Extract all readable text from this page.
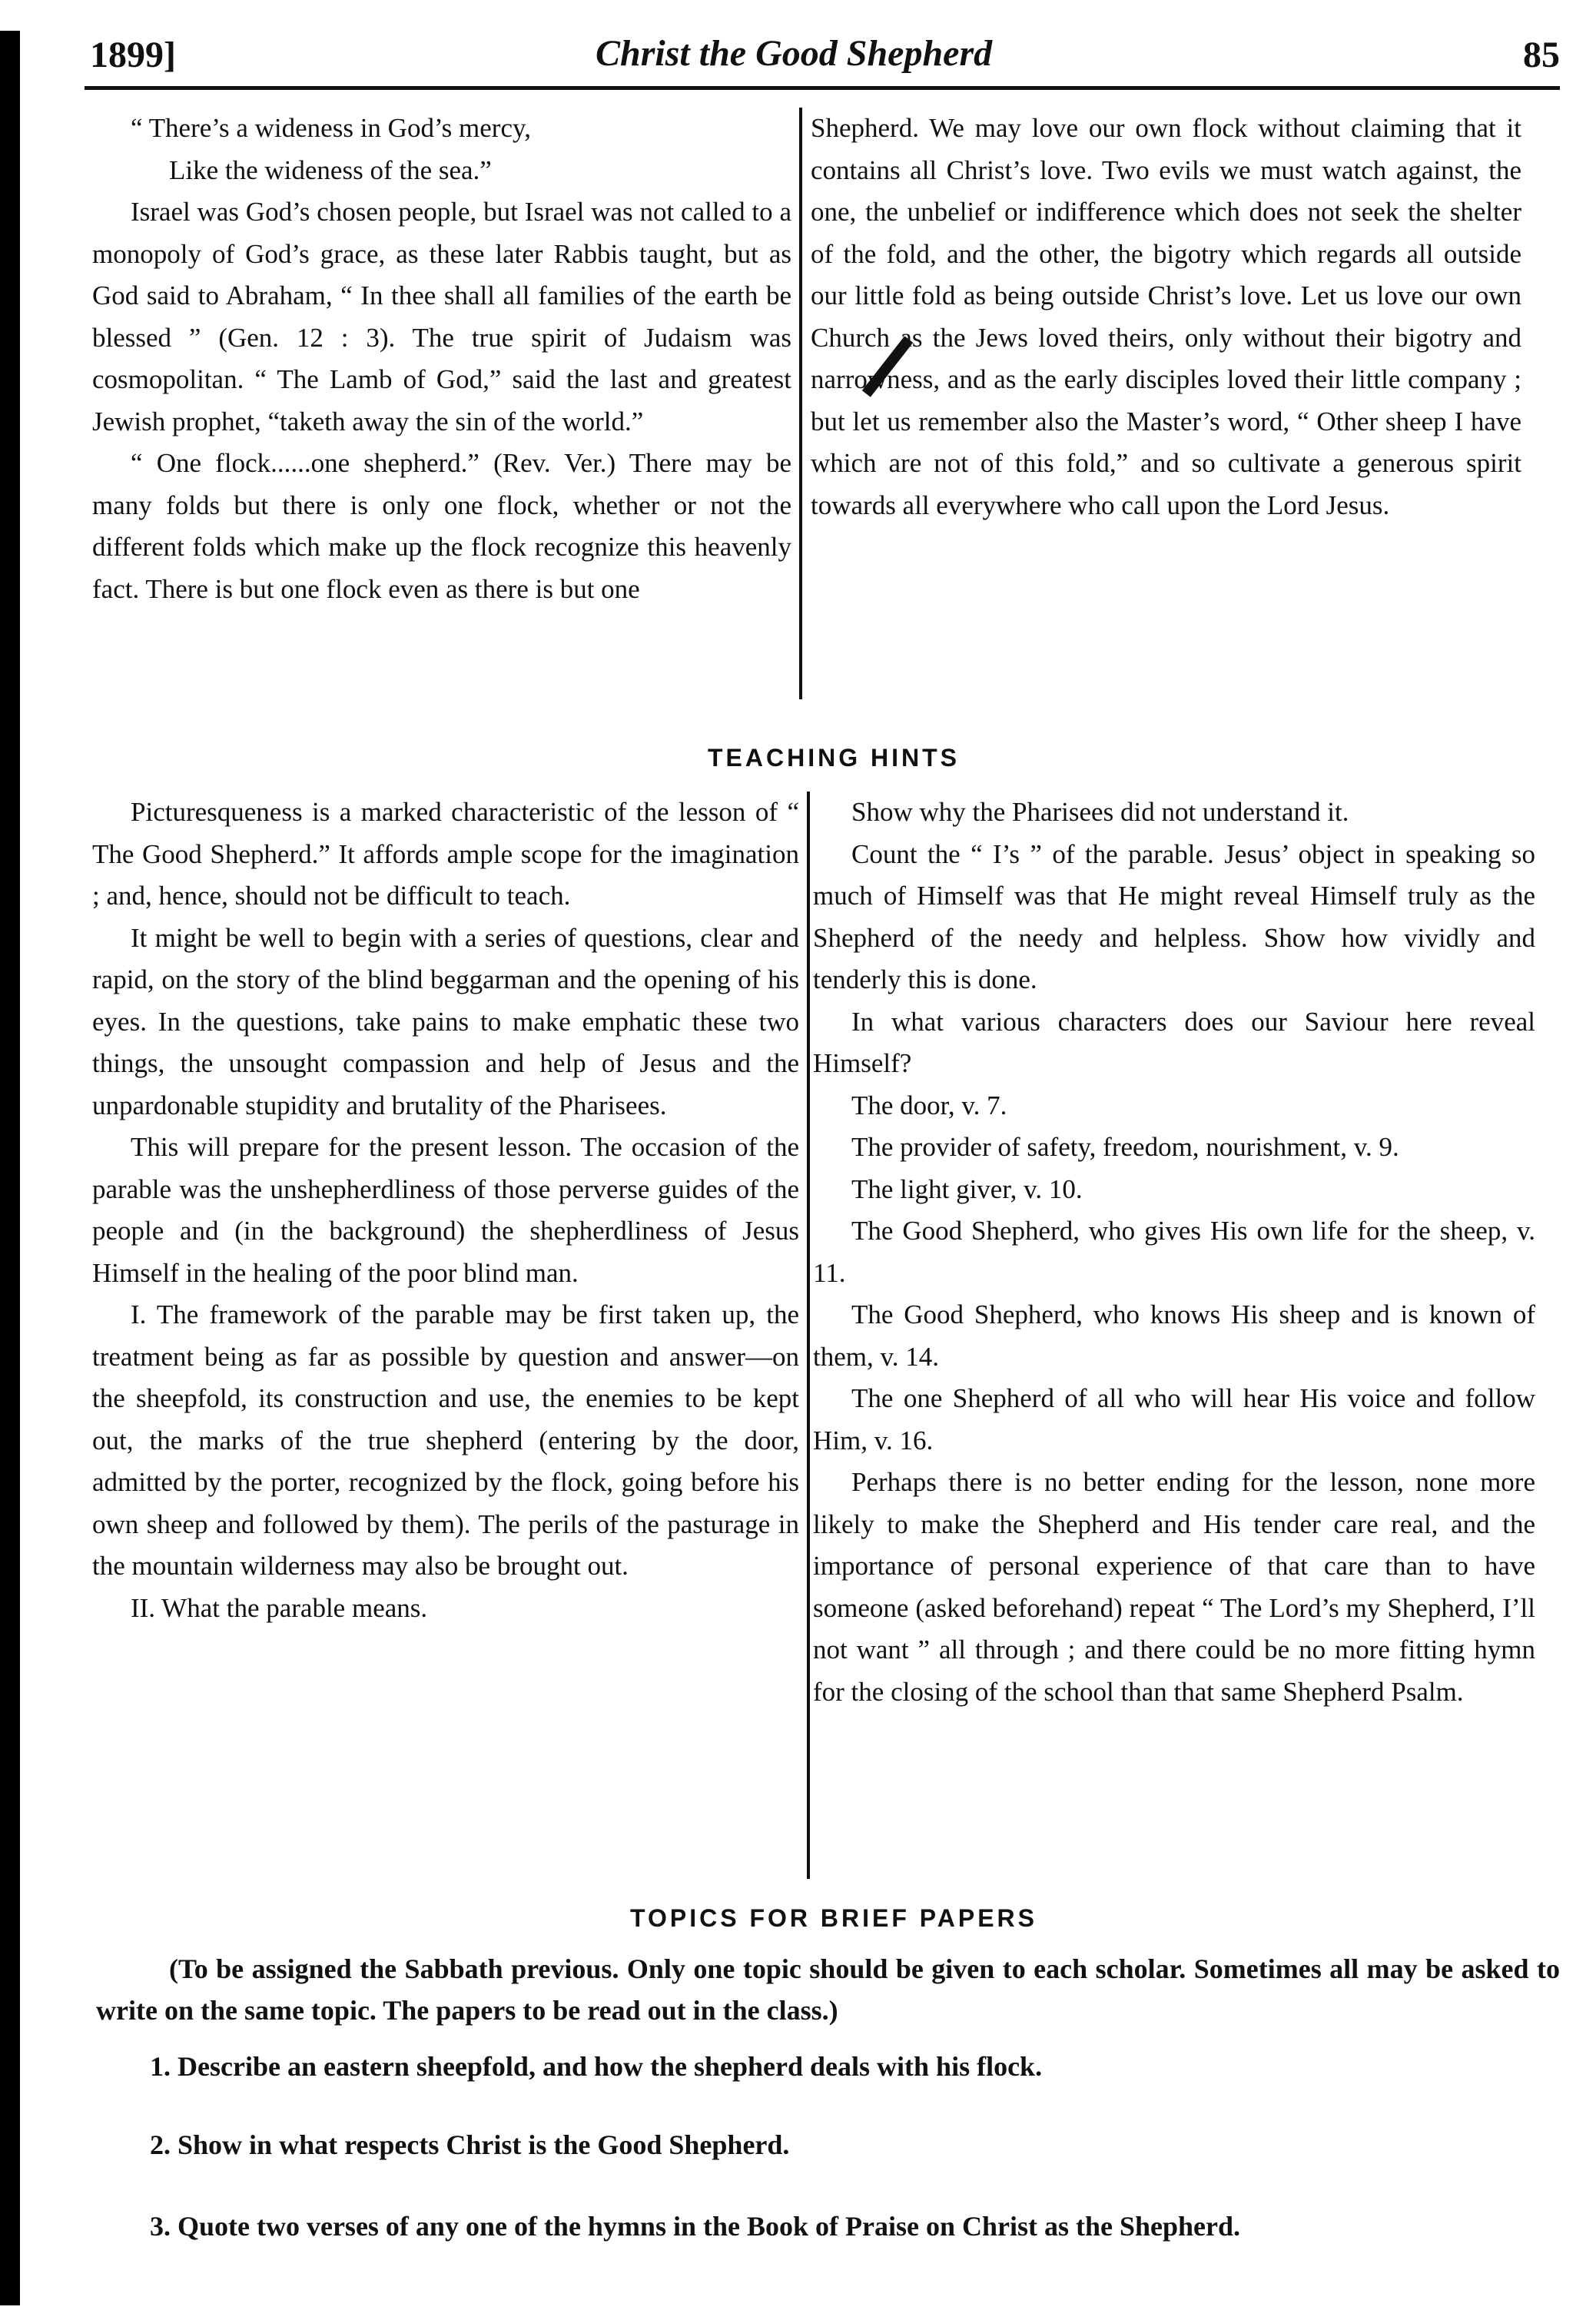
1899]	Christ the Good Shepherd	85

“ There’s a wideness in God’s mercy,

Like the wideness of the sea.”

Israel was God’s chosen people, but Israel was not called to a monopoly of God’s grace, as these later Rabbis taught, but as God said to Abraham, “ In thee shall all families of the earth be blessed ” (Gen. 12 : 3). The true spirit of Judaism was cosmopolitan. “ The Lamb of God,” said the last and greatest Jewish prophet, “taketh away the sin of the world.”

“ One flock......one shepherd.” (Rev. Ver.) There may be many folds but there is only one flock, whether or not the different folds which make up the flock recognize this heavenly fact. There is but one flock even as there is but one

Shepherd. We may love our own flock without claiming that it contains all Christ’s love. Two evils we must watch against, the one, the unbelief or indifference which does not seek the shelter of the fold, and the other, the bigotry which regards all outside our little fold as being outside Christ’s love. Let us love our own Church as the Jews loved theirs, only without their bigotry and narrowness, and as the early disciples loved their little company ; but let us remember also the Master’s word, “ Other sheep I have which are not of this fold,” and so cultivate a generous spirit towards all everywhere who call upon the Lord Jesus.

TEACHING HINTS

Picturesqueness is a marked characteristic of the lesson of “ The Good Shepherd.” It affords ample scope for the imagination ; and, hence, should not be difficult to teach.

It might be well to begin with a series of questions, clear and rapid, on the story of the blind beggarman and the opening of his eyes. In the questions, take pains to make emphatic these two things, the unsought compassion and help of Jesus and the unpardonable stupidity and brutality of the Pharisees.

This will prepare for the present lesson. The occasion of the parable was the unshepherdliness of those perverse guides of the people and (in the background) the shepherdliness of Jesus Himself in the healing of the poor blind man.

I. The framework of the parable may be first taken up, the treatment being as far as possible by question and answer—on the sheepfold, its construction and use, the enemies to be kept out, the marks of the true shepherd (entering by the door, admitted by the porter, recognized by the flock, going before his own sheep and followed by them). The perils of the pasturage in the mountain wilderness may also be brought out.

II. What the parable means.

Show why the Pharisees did not understand it.

Count the “ I’s ” of the parable. Jesus’ object in speaking so much of Himself was that He might reveal Himself truly as the Shepherd of the needy and helpless. Show how vividly and tenderly this is done.

In what various characters does our Saviour here reveal Himself?

The door, v. 7.

The provider of safety, freedom, nourishment, v. 9.

The light giver, v. 10.

The Good Shepherd, who gives His own life for the sheep, v. 11.

The Good Shepherd, who knows His sheep and is known of them, v. 14.

The one Shepherd of all who will hear His voice and follow Him, v. 16.

Perhaps there is no better ending for the lesson, none more likely to make the Shepherd and His tender care real, and the importance of personal experience of that care than to have someone (asked beforehand) repeat “ The Lord’s my Shepherd, I’ll not want ” all through ; and there could be no more fitting hymn for the closing of the school than that same Shepherd Psalm.

TOPICS FOR BRIEF PAPERS
(To be assigned the Sabbath previous. Only one topic should be given to each scholar. Sometimes all may be asked to write on the same topic. The papers to be read out in the class.)
1. Describe an eastern sheepfold, and how the shepherd deals with his flock.
2. Show in what respects Christ is the Good Shepherd.
3. Quote two verses of any one of the hymns in the Book of Praise on Christ as the Shepherd.
